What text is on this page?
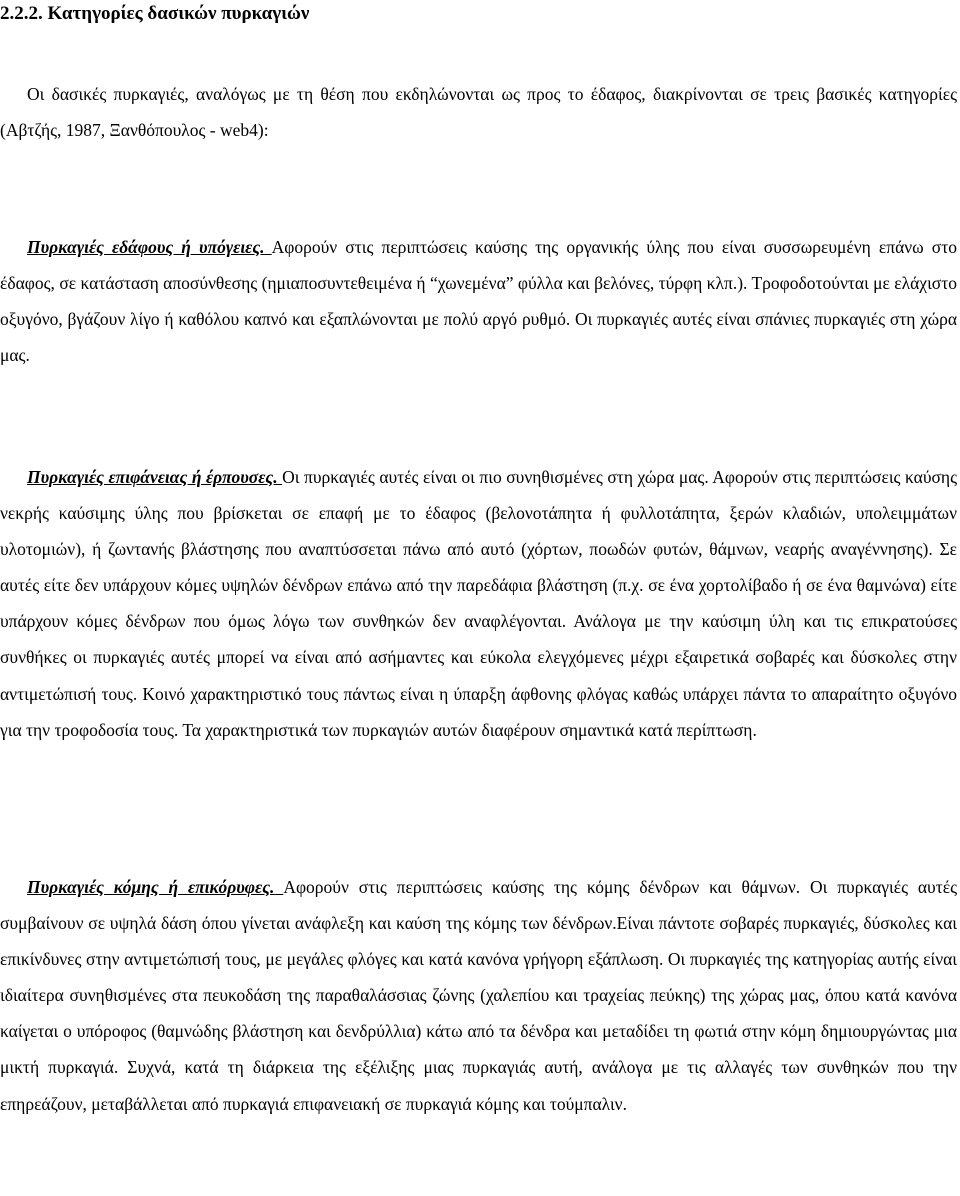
2.2.2. Κατηγορίες δασικών πυρκαγιών

Οι δασικές πυρκαγιές, αναλόγως με τη θέση που εκδηλώνονται ως προς το έδαφος, διακρίνονται σε τρεις βασικές κατηγορίες (Αβτζής, 1987, Ξανθόπουλος - web4):

Πυρκαγιές εδάφους ή υπόγειες. Αφορούν στις περιπτώσεις καύσης της οργανικής ύλης που είναι συσσωρευμένη επάνω στο έδαφος, σε κατάσταση αποσύνθεσης (ημιαποσυντεθειμένα ή “χωνεμένα” φύλλα και βελόνες, τύρφη κλπ.). Τροφοδοτούνται με ελάχιστο οξυγόνο, βγάζουν λίγο ή καθόλου καπνό και εξαπλώνονται με πολύ αργό ρυθμό. Οι πυρκαγιές αυτές είναι σπάνιες πυρκαγιές στη χώρα μας.

Πυρκαγιές επιφάνειας ή έρπουσες. Οι πυρκαγιές αυτές είναι οι πιο συνηθισμένες στη χώρα μας. Αφορούν στις περιπτώσεις καύσης νεκρής καύσιμης ύλης που βρίσκεται σε επαφή με το έδαφος (βελονοτάπητα ή φυλλοτάπητα, ξερών κλαδιών, υπολειμμάτων υλοτομιών), ή ζωντανής βλάστησης που αναπτύσσεται πάνω από αυτό (χόρτων, ποωδών φυτών, θάμνων, νεαρής αναγέννησης). Σε αυτές είτε δεν υπάρχουν κόμες υψηλών δένδρων επάνω από την παρεδάφια βλάστηση (π.χ. σε ένα χορτολίβαδο ή σε ένα θαμνώνα) είτε υπάρχουν κόμες δένδρων που όμως λόγω των συνθηκών δεν αναφλέγονται. Ανάλογα με την καύσιμη ύλη και τις επικρατούσες συνθήκες οι πυρκαγιές αυτές μπορεί να είναι από ασήμαντες και εύκολα ελεγχόμενες μέχρι εξαιρετικά σοβαρές και δύσκολες στην αντιμετώπισή τους. Κοινό χαρακτηριστικό τους πάντως είναι η ύπαρξη άφθονης φλόγας καθώς υπάρχει πάντα το απαραίτητο οξυγόνο για την τροφοδοσία τους. Τα χαρακτηριστικά των πυρκαγιών αυτών διαφέρουν σημαντικά κατά περίπτωση.

Πυρκαγιές κόμης ή επικόρυφες. Αφορούν στις περιπτώσεις καύσης της κόμης δένδρων και θάμνων. Οι πυρκαγιές αυτές συμβαίνουν σε υψηλά δάση όπου γίνεται ανάφλεξη και καύση της κόμης των δένδρων.Είναι πάντοτε σοβαρές πυρκαγιές, δύσκολες και επικίνδυνες στην αντιμετώπισή τους, με μεγάλες φλόγες και κατά κανόνα γρήγορη εξάπλωση. Οι πυρκαγιές της κατηγορίας αυτής είναι ιδιαίτερα συνηθισμένες στα πευκοδάση της παραθαλάσσιας ζώνης (χαλεπίου και τραχείας πεύκης) της χώρας μας, όπου κατά κανόνα καίγεται ο υπόροφος (θαμνώδης βλάστηση και δενδρύλλια) κάτω από τα δένδρα και μεταδίδει τη φωτιά στην κόμη δημιουργώντας μια μικτή πυρκαγιά. Συχνά, κατά τη διάρκεια της εξέλιξης μιας πυρκαγιάς αυτή, ανάλογα με τις αλλαγές των συνθηκών που την επηρεάζουν, μεταβάλλεται από πυρκαγιά επιφανειακή σε πυρκαγιά κόμης και τούμπαλιν.
